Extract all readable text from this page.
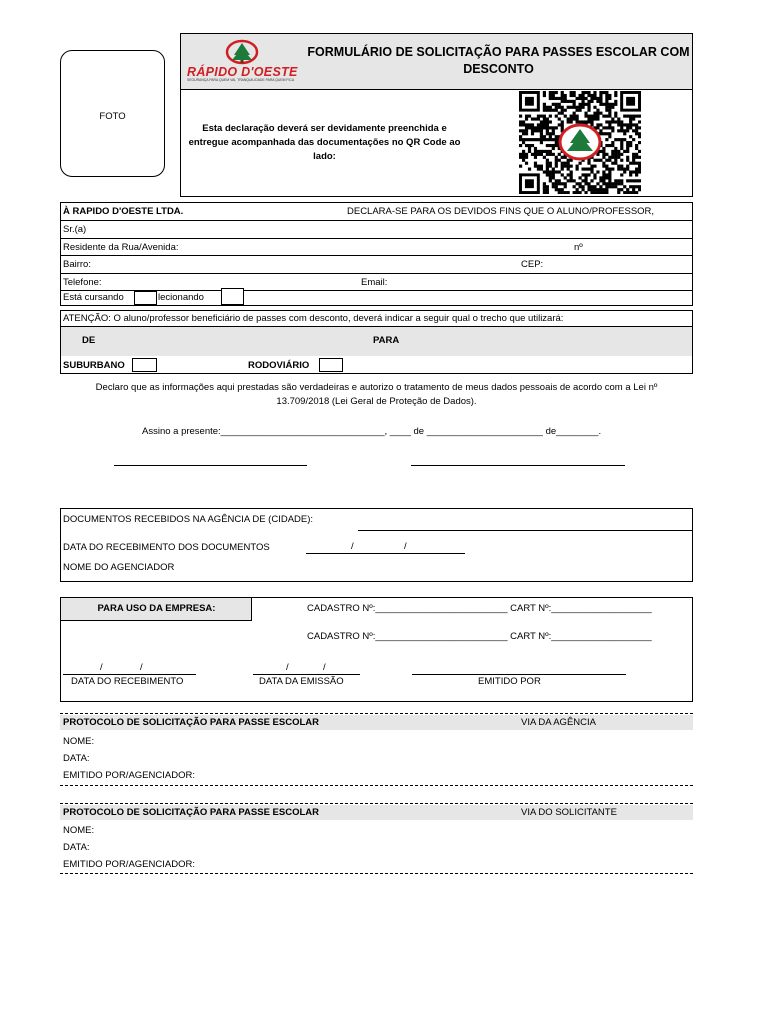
FOTO
RÁPIDO D'OESTE
SEGURANÇA PARA QUEM VAI, TRANQUILIDADE PARA QUEM FICA
FORMULÁRIO DE SOLICITAÇÃO PARA PASSES ESCOLAR COM
DESCONTO
Esta declaração deverá ser devidamente preenchida e
entregue acompanhada das documentações no QR Code ao
lado:
À RAPIDO D'OESTE LTDA.	DECLARA-SE PARA OS DEVIDOS FINS QUE O ALUNO/PROFESSOR,
Sr.(a)
Residente da Rua/Avenida:	nº
Bairro:	CEP:
Telefone:	Email:
Está cursando	lecionando
ATENÇÃO: O aluno/professor beneficiário de passes com desconto, deverá indicar a seguir qual o trecho que utilizará:
DE	PARA
SUBURBANO	RODOVIÁRIO
Declaro que as informações aqui prestadas são verdadeiras e autorizo o tratamento de meus dados pessoais de acordo com a Lei nº
13.709/2018 (Lei Geral de Proteção de Dados).
Assino a presente:_______________________________, ____ de ______________________ de________.
DOCUMENTOS RECEBIDOS NA AGÊNCIA DE (CIDADE):
DATA DO RECEBIMENTO DOS DOCUMENTOS	/	/
NOME DO AGENCIADOR
PARA USO DA EMPRESA:	CADASTRO Nº:_________________________ CART Nº:___________________
CADASTRO Nº:_________________________ CART Nº:___________________
/	/
DATA DO RECEBIMENTO
/	/
DATA DA EMISSÃO	EMITIDO POR
PROTOCOLO DE SOLICITAÇÃO PARA PASSE ESCOLAR	VIA DA AGÊNCIA
NOME:
DATA:
EMITIDO POR/AGENCIADOR:
PROTOCOLO DE SOLICITAÇÃO PARA PASSE ESCOLAR	VIA DO SOLICITANTE
NOME:
DATA:
EMITIDO POR/AGENCIADOR:
